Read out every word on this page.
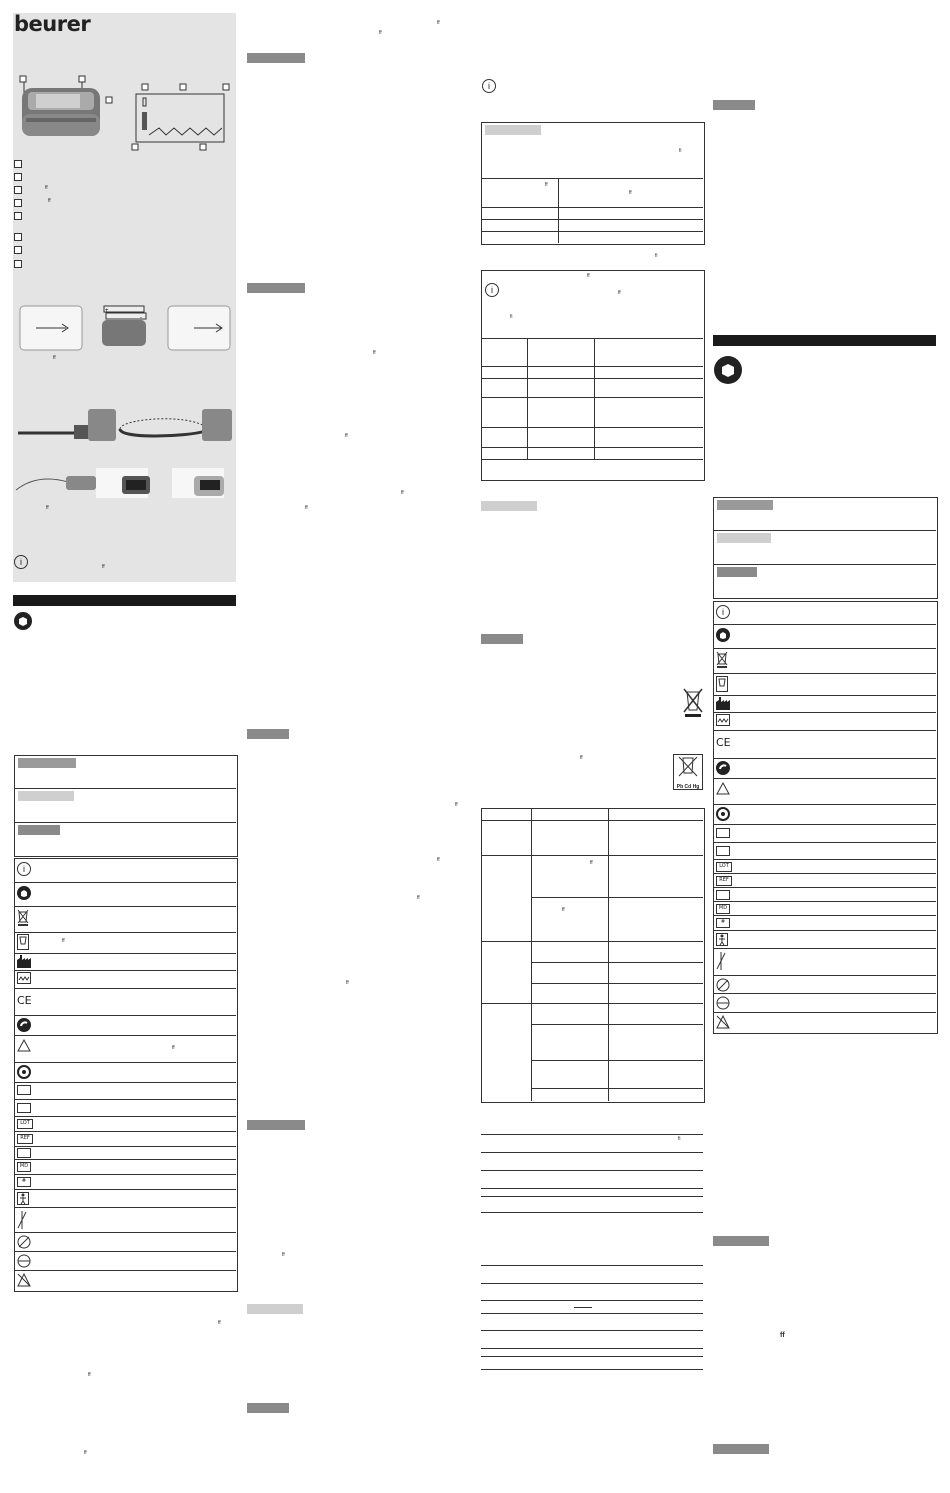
beurer
ff
ff
+
-
ff
ff
i	ff
i
ff
CE
ff
LOT
REF
MD
#
ff
ff
ff
ff
ff
ff
ff
ff
ff
ff
ff
ff
ff
ff
i
fi
ff
ff
fi
ff
i	ff
fi
ff
Pb Cd Hg
ff
ff
fi
i
CE
LOT
REF
MD
#
ff
